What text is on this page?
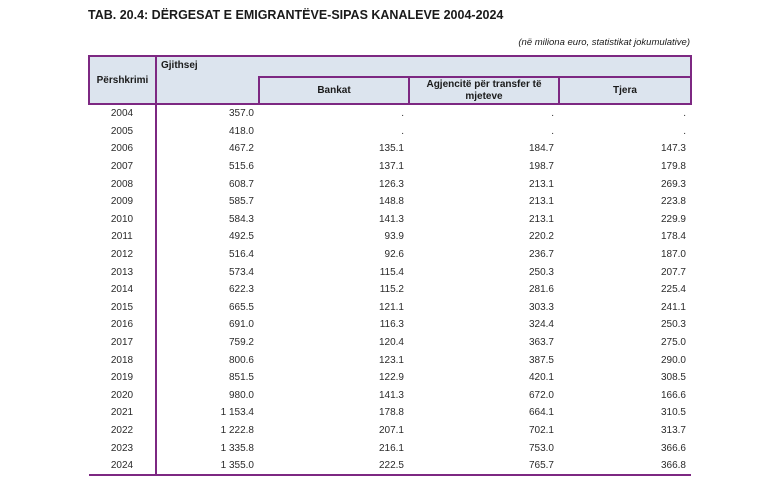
TAB. 20.4: DËRGESAT E EMIGRANTËVE-SIPAS KANALEVE 2004-2024
(në miliona euro, statistikat jokumulative)
Përshkrimi	Gjithsej			
		Bankat	Agjencitë për transfer të mjeteve	Tjera
2004	357.0	.	.	.
2005	418.0	.	.	.
2006	467.2	135.1	184.7	147.3
2007	515.6	137.1	198.7	179.8
2008	608.7	126.3	213.1	269.3
2009	585.7	148.8	213.1	223.8
2010	584.3	141.3	213.1	229.9
2011	492.5	93.9	220.2	178.4
2012	516.4	92.6	236.7	187.0
2013	573.4	115.4	250.3	207.7
2014	622.3	115.2	281.6	225.4
2015	665.5	121.1	303.3	241.1
2016	691.0	116.3	324.4	250.3
2017	759.2	120.4	363.7	275.0
2018	800.6	123.1	387.5	290.0
2019	851.5	122.9	420.1	308.5
2020	980.0	141.3	672.0	166.6
2021	1 153.4	178.8	664.1	310.5
2022	1 222.8	207.1	702.1	313.7
2023	1 335.8	216.1	753.0	366.6
2024	1 355.0	222.5	765.7	366.8
